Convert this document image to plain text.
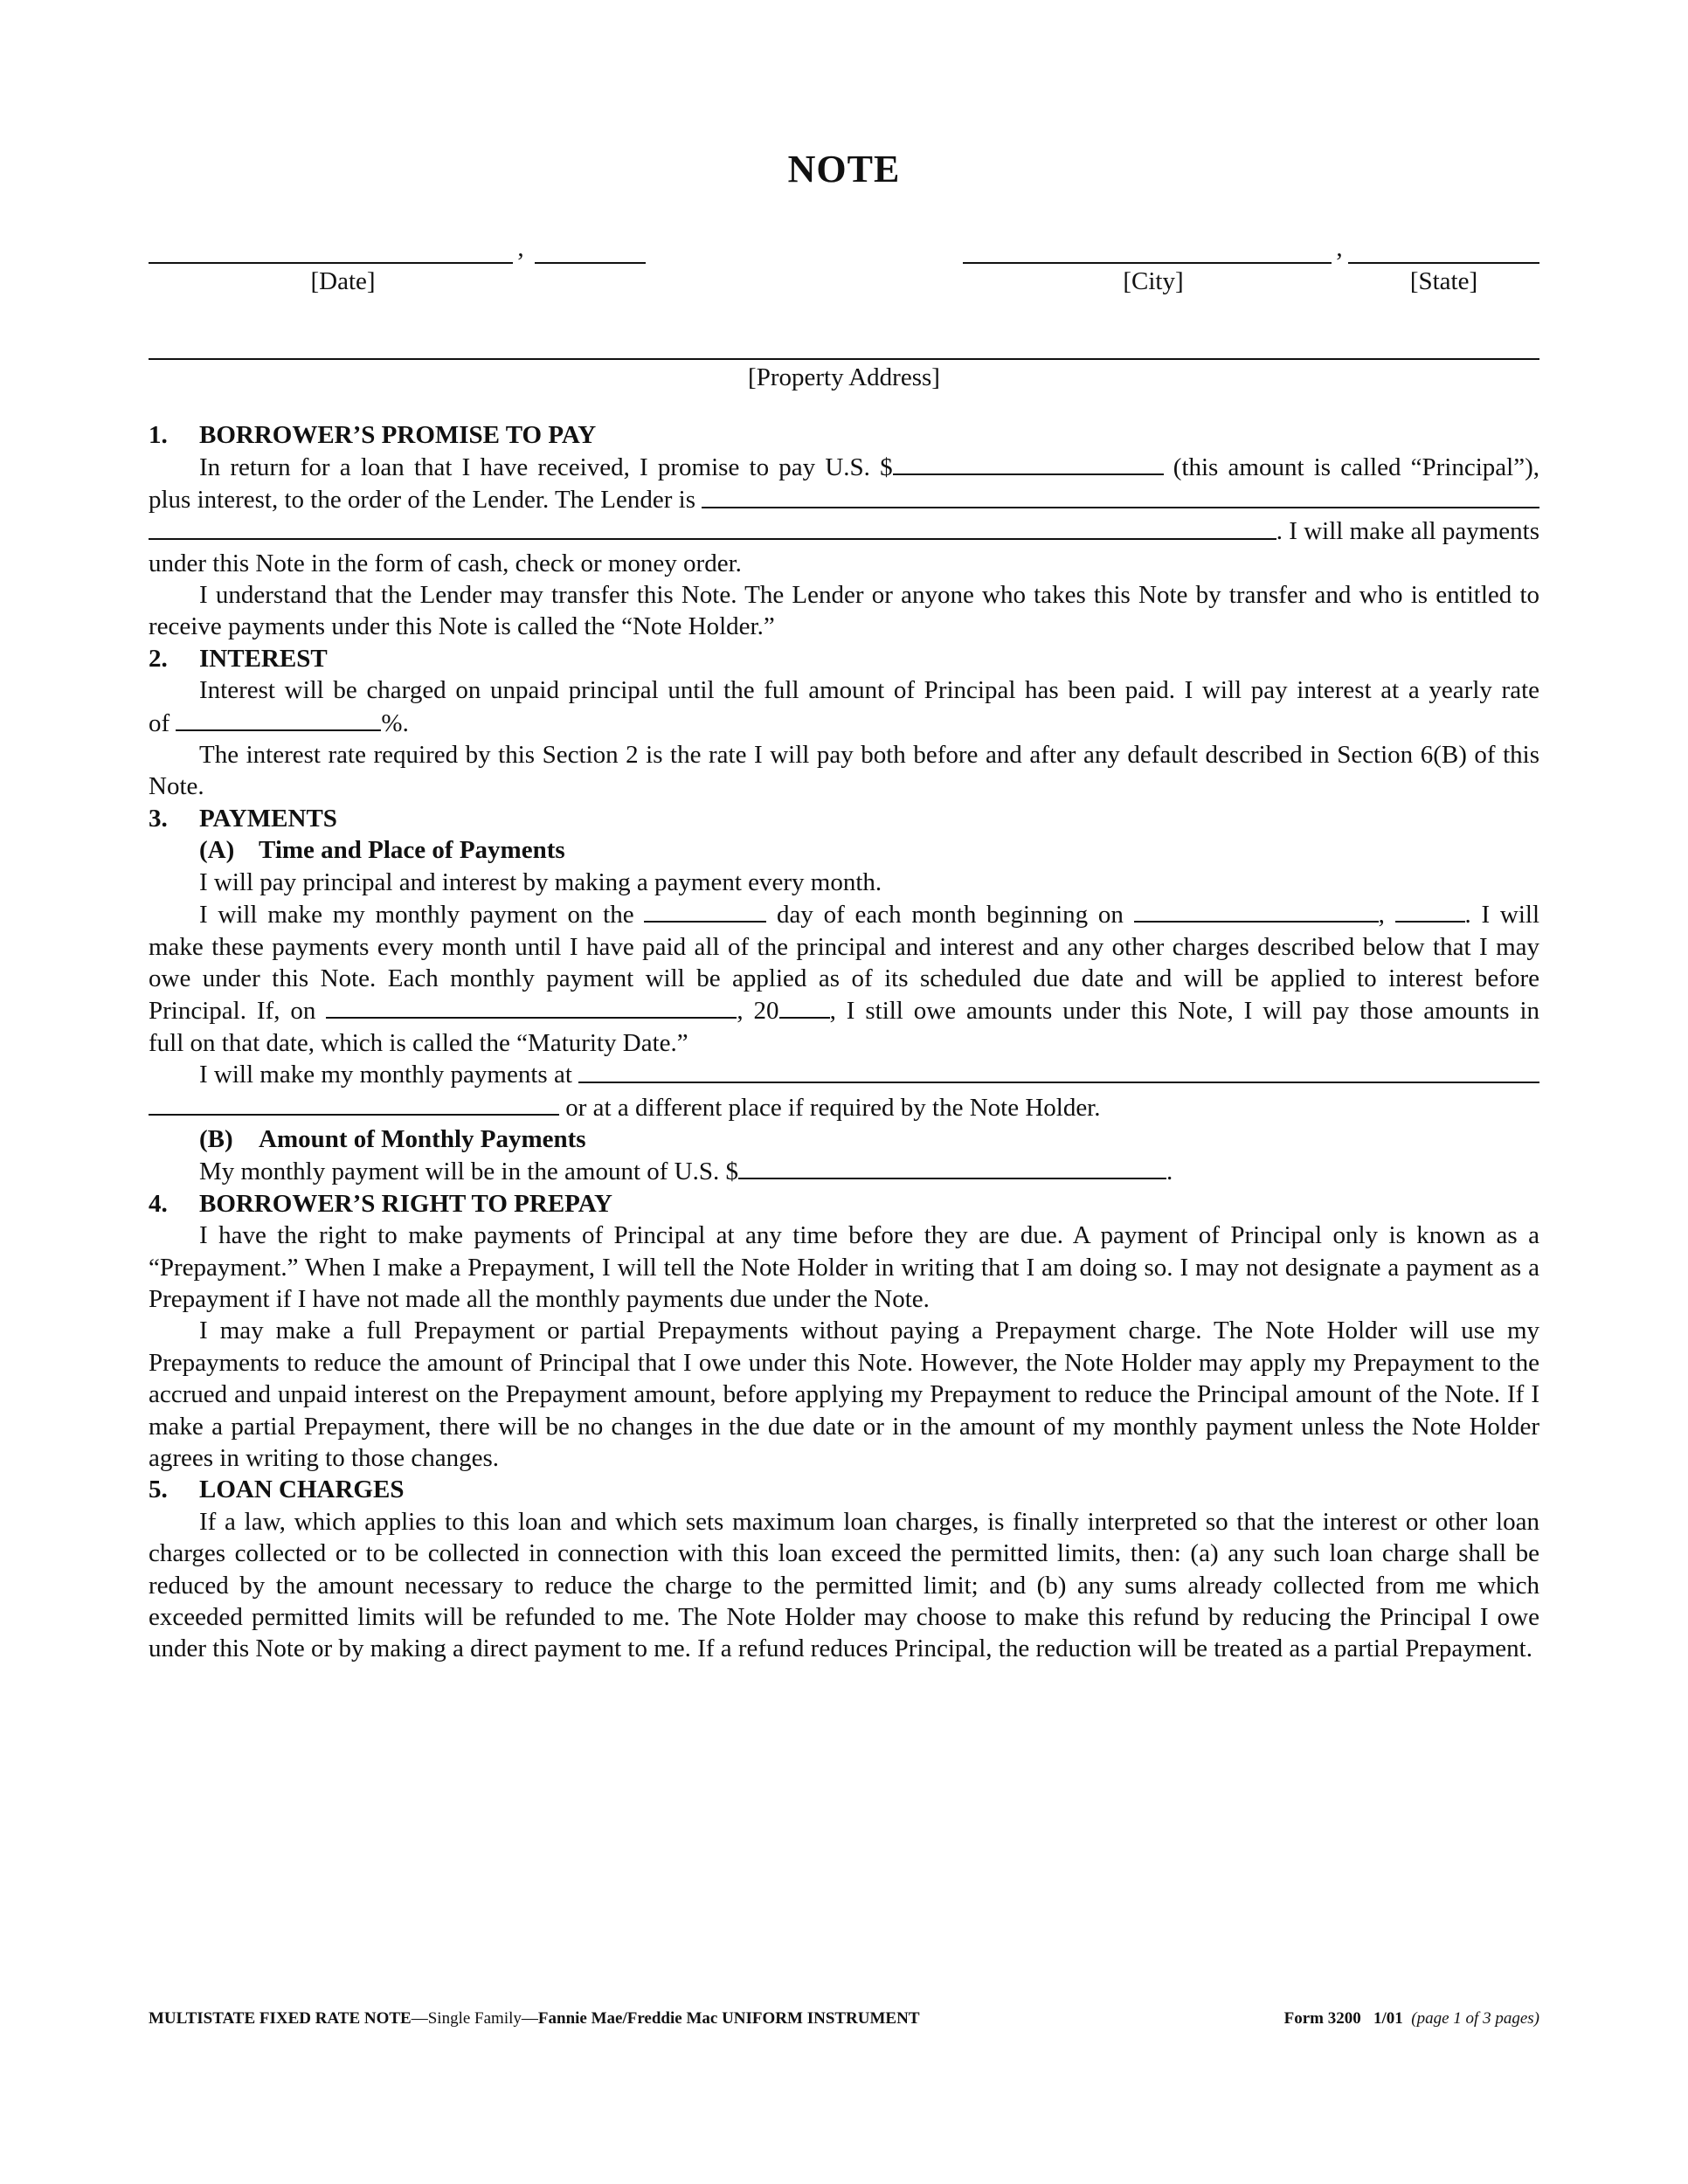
NOTE
,
[Date]
,
[City]	[State]
[Property Address]
1. BORROWER’S PROMISE TO PAY
In return for a loan that I have received, I promise to pay U.S. $	(this amount is called “Principal”),
plus interest, to the order of the Lender. The Lender is

. I will make all payments
under this Note in the form of cash, check or money order.

I understand that the Lender may transfer this Note. The Lender or anyone who takes this Note by transfer and who is entitled to receive payments under this Note is called the “Note Holder.”

2. INTEREST
Interest will be charged on unpaid principal until the full amount of Principal has been paid. I will pay interest at a yearly rate
of	%.

The interest rate required by this Section 2 is the rate I will pay both before and after any default described in Section 6(B) of this Note.

3. PAYMENTS
(A) Time and Place of Payments
I will pay principal and interest by making a payment every month.
I will make my monthly payment on the	day of each month beginning on	,	. I will

make these payments every month until I have paid all of the principal and interest and any other charges described below that I may owe under this Note. Each monthly payment will be applied as of its scheduled due date and will be applied to interest before

Principal. If, on	, 20 , I still owe amounts under this Note, I will pay those amounts in
full on that date, which is called the “Maturity Date.”
I will make my monthly payments at

or at a different place if required by the Note Holder.
(B) Amount of Monthly Payments
My monthly payment will be in the amount of U.S. $	.
4. BORROWER’S RIGHT TO PREPAY

I have the right to make payments of Principal at any time before they are due. A payment of Principal only is known as a “Prepayment.” When I make a Prepayment, I will tell the Note Holder in writing that I am doing so. I may not designate a payment as a Prepayment if I have not made all the monthly payments due under the Note.

I may make a full Prepayment or partial Prepayments without paying a Prepayment charge. The Note Holder will use my Prepayments to reduce the amount of Principal that I owe under this Note. However, the Note Holder may apply my Prepayment to the accrued and unpaid interest on the Prepayment amount, before applying my Prepayment to reduce the Principal amount of the Note. If I make a partial Prepayment, there will be no changes in the due date or in the amount of my monthly payment unless the Note Holder agrees in writing to those changes.

5. LOAN CHARGES

If a law, which applies to this loan and which sets maximum loan charges, is finally interpreted so that the interest or other loan charges collected or to be collected in connection with this loan exceed the permitted limits, then: (a) any such loan charge shall be reduced by the amount necessary to reduce the charge to the permitted limit; and (b) any sums already collected from me which exceeded permitted limits will be refunded to me. The Note Holder may choose to make this refund by reducing the Principal I owe under this Note or by making a direct payment to me. If a refund reduces Principal, the reduction will be treated as a partial Prepayment.

MULTISTATE FIXED RATE NOTE—Single Family—Fannie Mae/Freddie Mac UNIFORM INSTRUMENT	Form 3200 1/01 (page 1 of 3 pages)
